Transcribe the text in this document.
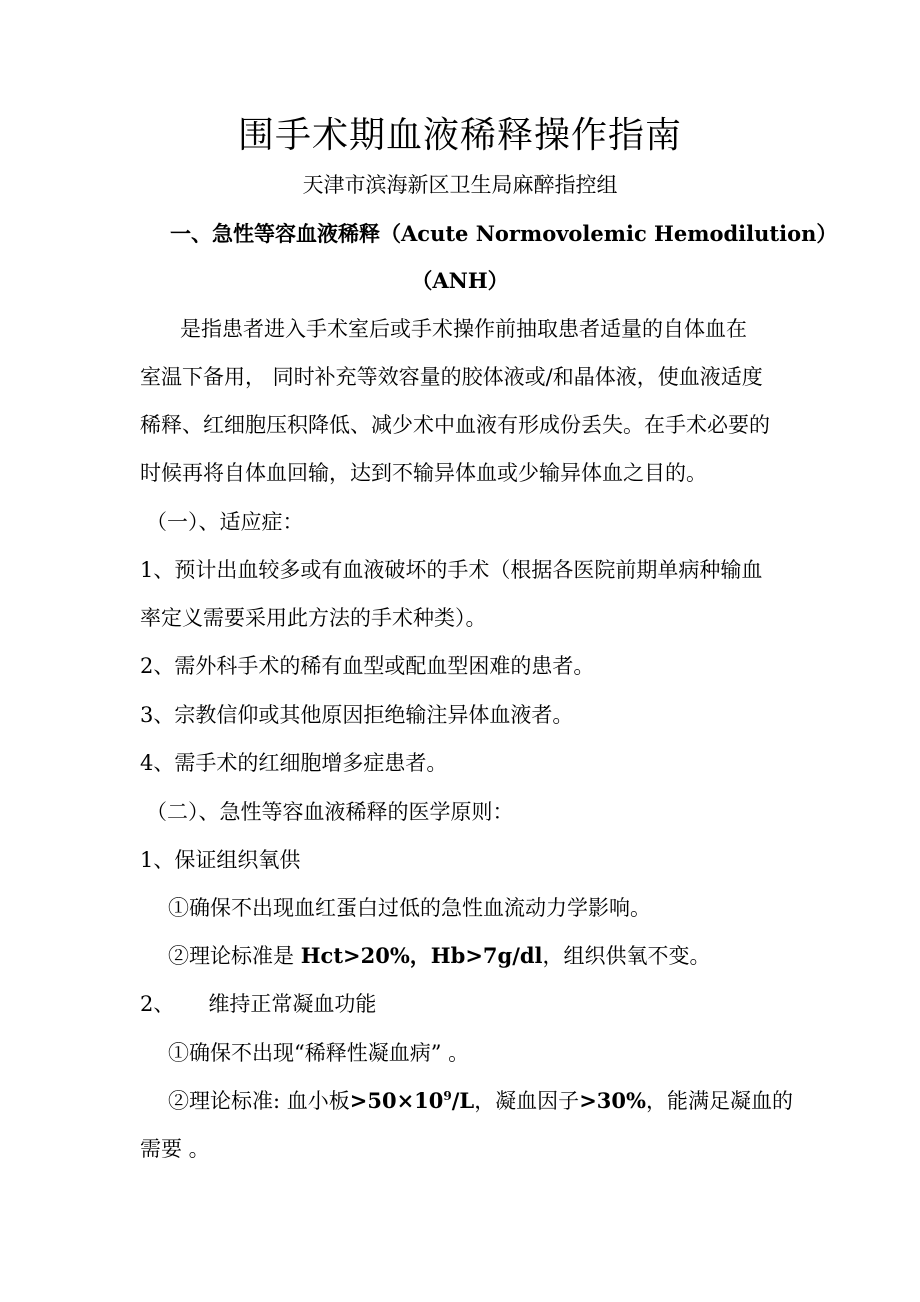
围手术期血液稀释操作指南
天津市滨海新区卫生局麻醉指控组
一、急性等容血液稀释（Acute Normovolemic Hemodilution）
（ANH）
是指患者进入手术室后或手术操作前抽取患者适量的自体血在
室温下备用， 同时补充等效容量的胶体液或/和晶体液，使血液适度
稀释、红细胞压积降低、减少术中血液有形成份丢失。在手术必要的
时候再将自体血回输，达到不输异体血或少输异体血之目的。
（一）、适应症：
1、预计出血较多或有血液破坏的手术（根据各医院前期单病种输血
率定义需要采用此方法的手术种类）。
2、需外科手术的稀有血型或配血型困难的患者。
3、宗教信仰或其他原因拒绝输注异体血液者。
4、需手术的红细胞增多症患者。
（二）、急性等容血液稀释的医学原则：
1、保证组织氧供
①确保不出现血红蛋白过低的急性血流动力学影响。
②理论标准是 Hct>20%，Hb>7g/dl，组织供氧不变。
2、 维持正常凝血功能
①确保不出现“稀释性凝血病” 。
②理论标准: 血小板$>50\times 10^9/L$，凝血因子>30%，能满足凝血的
需要 。
